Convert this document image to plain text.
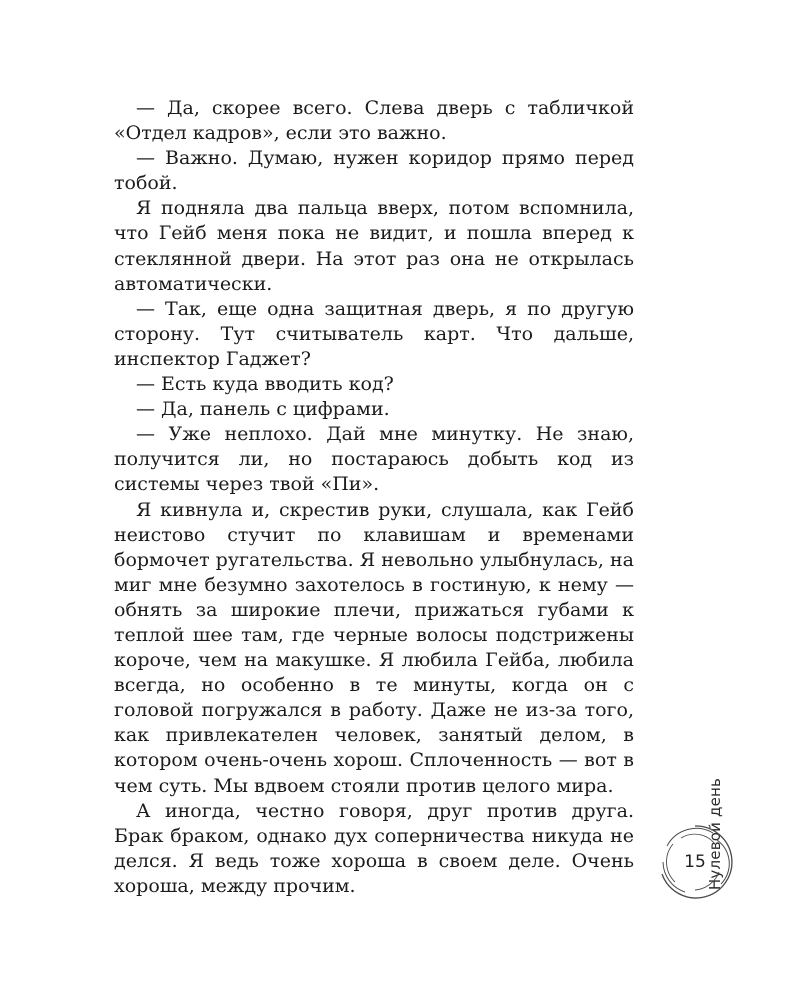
— Да, скорее всего. Слева дверь с табличкой «Отдел кадров», если это важно.

— Важно. Думаю, нужен коридор прямо перед тобой.

Я подняла два пальца вверх, потом вспомнила, что Гейб меня пока не видит, и пошла вперед к стеклянной двери. На этот раз она не открылась автоматически.

— Так, еще одна защитная дверь, я по другую сторону. Тут считыватель карт. Что дальше, инспектор Гаджет?

— Есть куда вводить код?

— Да, панель с цифрами.

— Уже неплохо. Дай мне минутку. Не знаю, получится ли, но постараюсь добыть код из системы через твой «Пи».

Я кивнула и, скрестив руки, слушала, как Гейб неистово стучит по клавишам и временами бормочет ругательства. Я невольно улыбнулась, на миг мне безумно захотелось в гостиную, к нему — обнять за широкие плечи, прижаться губами к теплой шее там, где черные волосы подстрижены короче, чем на макушке. Я любила Гейба, любила всегда, но особенно в те минуты, когда он с головой погружался в работу. Даже не из-за того, как привлекателен человек, занятый делом, в котором очень-очень хорош. Сплоченность — вот в чем суть. Мы вдвоем стояли против целого мира.

А иногда, честно говоря, друг против друга. Брак браком, однако дух соперничества никуда не делся. Я ведь тоже хороша в своем деле. Очень хороша, между прочим.	Нулевой день
15
